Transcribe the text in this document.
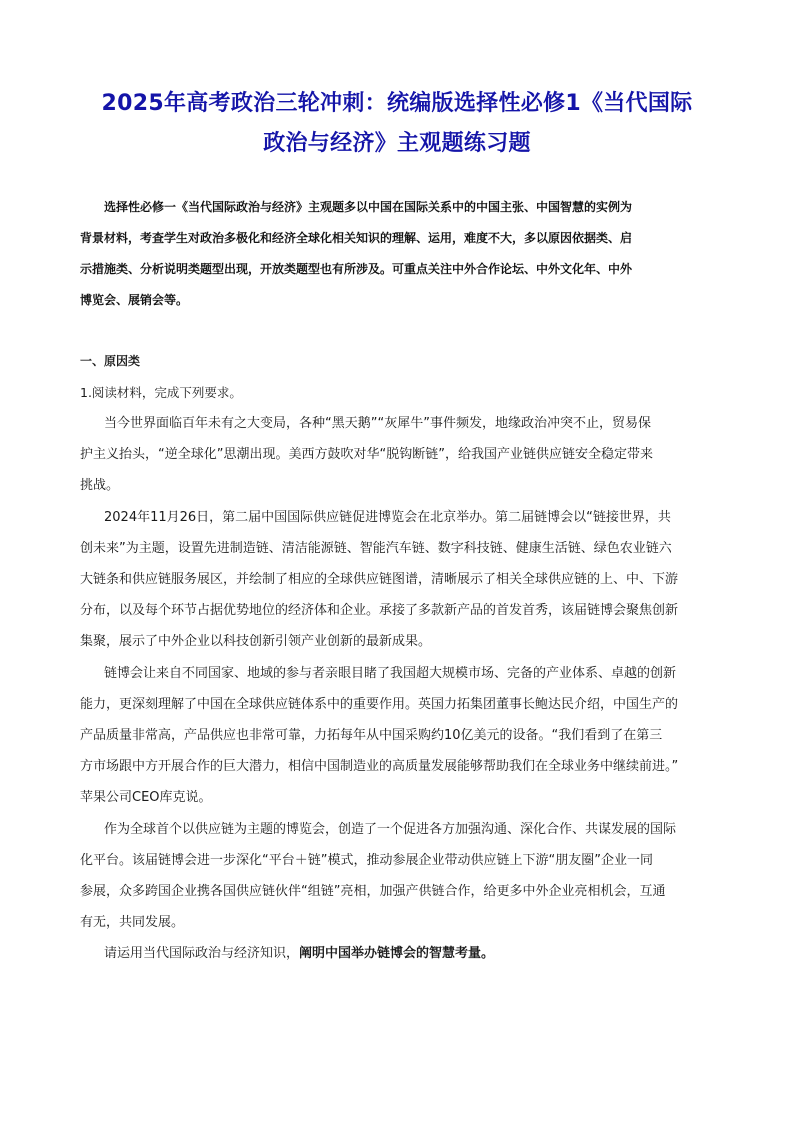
2025年高考政治三轮冲刺：统编版选择性必修1《当代国际
政治与经济》主观题练习题
选择性必修一《当代国际政治与经济》主观题多以中国在国际关系中的中国主张、中国智慧的实例为
背景材料，考查学生对政治多极化和经济全球化相关知识的理解、运用，难度不大，多以原因依据类、启
示措施类、分析说明类题型出现，开放类题型也有所涉及。可重点关注中外合作论坛、中外文化年、中外
博览会、展销会等。
一、原因类
1.阅读材料，完成下列要求。
当今世界面临百年未有之大变局，各种“黑天鹅”“灰犀牛”事件频发，地缘政治冲突不止，贸易保
护主义抬头，“逆全球化”思潮出现。美西方鼓吹对华“脱钩断链”，给我国产业链供应链安全稳定带来
挑战。
2024年11月26日，第二届中国国际供应链促进博览会在北京举办。第二届链博会以“链接世界，共
创未来”为主题，设置先进制造链、清洁能源链、智能汽车链、数字科技链、健康生活链、绿色农业链六
大链条和供应链服务展区，并绘制了相应的全球供应链图谱，清晰展示了相关全球供应链的上、中、下游
分布，以及每个环节占据优势地位的经济体和企业。承接了多款新产品的首发首秀，该届链博会聚焦创新
集聚，展示了中外企业以科技创新引领产业创新的最新成果。
链博会让来自不同国家、地域的参与者亲眼目睹了我国超大规模市场、完备的产业体系、卓越的创新
能力，更深刻理解了中国在全球供应链体系中的重要作用。英国力拓集团董事长鲍达民介绍，中国生产的
产品质量非常高，产品供应也非常可靠，力拓每年从中国采购约10亿美元的设备。“我们看到了在第三
方市场跟中方开展合作的巨大潜力，相信中国制造业的高质量发展能够帮助我们在全球业务中继续前进。”
苹果公司CEO库克说。
作为全球首个以供应链为主题的博览会，创造了一个促进各方加强沟通、深化合作、共谋发展的国际
化平台。该届链博会进一步深化“平台＋链”模式，推动参展企业带动供应链上下游“朋友圈”企业一同
参展，众多跨国企业携各国供应链伙伴“组链”亮相，加强产供链合作，给更多中外企业亮相机会，互通
有无，共同发展。
请运用当代国际政治与经济知识，阐明中国举办链博会的智慧考量。
